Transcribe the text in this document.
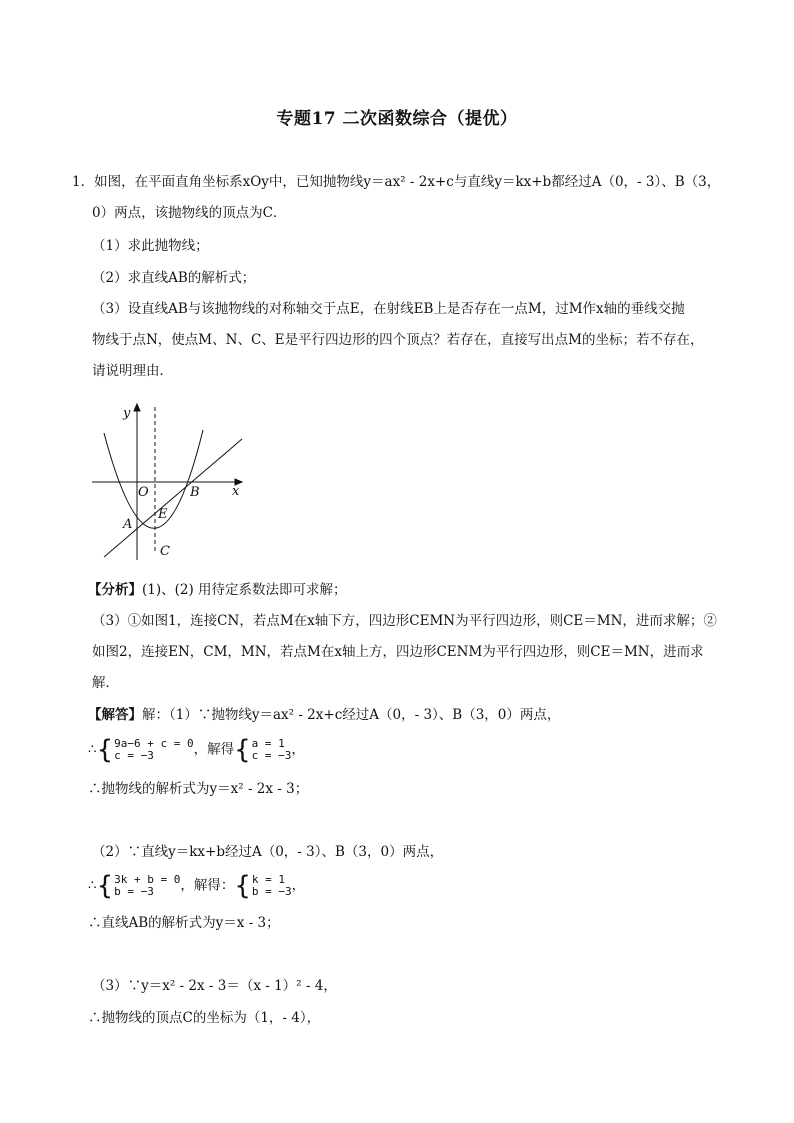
专题17 二次函数综合（提优）
1．如图，在平面直角坐标系xOy中，已知抛物线y＝ax² - 2x+c与直线y＝kx+b都经过A（0，- 3）、B（3，
0）两点，该抛物线的顶点为C．
（1）求此抛物线；
（2）求直线AB的解析式；
（3）设直线AB与该抛物线的对称轴交于点E，在射线EB上是否存在一点M，过M作x轴的垂线交抛
物线于点N，使点M、N、C、E是平行四边形的四个顶点？若存在，直接写出点M的坐标；若不存在，
请说明理由．
y
x
O	B
A
E
C
【分析】(1)、(2) 用待定系数法即可求解；
（3）①如图1，连接CN，若点M在x轴下方，四边形CEMN为平行四边形，则CE＝MN，进而求解；②
如图2，连接EN，CM，MN，若点M在x轴上方，四边形CENM为平行四边形，则CE＝MN，进而求
解．
【解答】解：（1）∵抛物线y＝ax² - 2x+c经过A（0，- 3）、B（3，0）两点，
∴{9a−6 + c = 0
c = −3	，解得{a = 1
c = −3，
∴抛物线的解析式为y＝x² - 2x - 3；
（2）∵直线y＝kx+b经过A（0，- 3）、B（3，0）两点，
∴{3k + b = 0
b = −3 ，解得：{k = 1
b = −3，
∴直线AB的解析式为y＝x - 3；
（3）∵y＝x² - 2x - 3＝（x - 1）² - 4，
∴抛物线的顶点C的坐标为（1，- 4），
